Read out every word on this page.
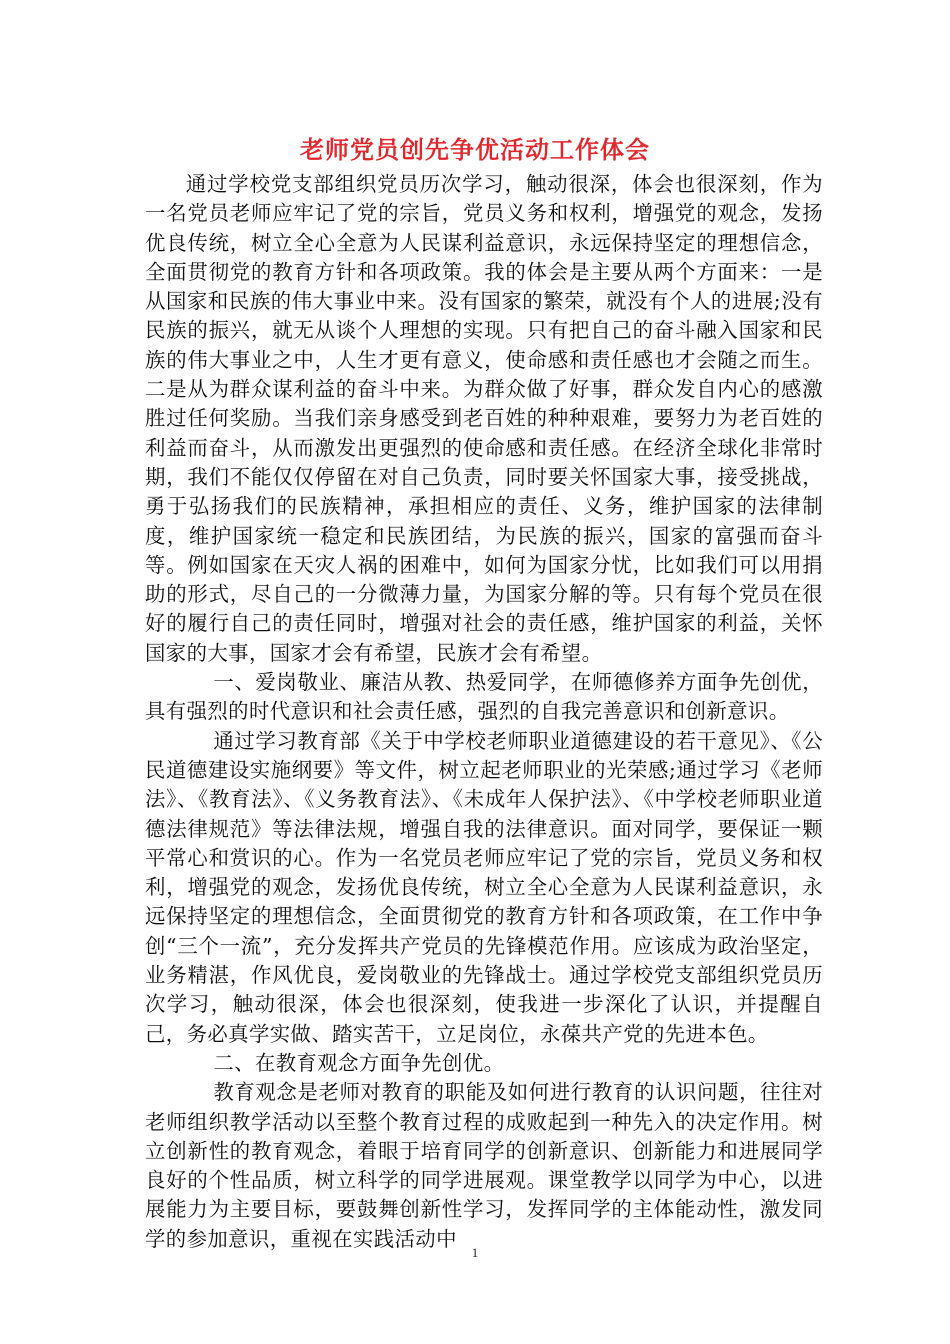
老师党员创先争优活动工作体会

通过学校党支部组织党员历次学习，触动很深，体会也很深刻，作为一名党员老师应牢记了党的宗旨，党员义务和权利，增强党的观念，发扬优良传统，树立全心全意为人民谋利益意识，永远保持坚定的理想信念，全面贯彻党的教育方针和各项政策。我的体会是主要从两个方面来：一是从国家和民族的伟大事业中来。没有国家的繁荣，就没有个人的进展;没有民族的振兴，就无从谈个人理想的实现。只有把自己的奋斗融入国家和民族的伟大事业之中，人生才更有意义，使命感和责任感也才会随之而生。二是从为群众谋利益的奋斗中来。为群众做了好事，群众发自内心的感激胜过任何奖励。当我们亲身感受到老百姓的种种艰难，要努力为老百姓的利益而奋斗，从而激发出更强烈的使命感和责任感。在经济全球化非常时期，我们不能仅仅停留在对自己负责，同时要关怀国家大事，接受挑战，勇于弘扬我们的民族精神，承担相应的责任、义务，维护国家的法律制度，维护国家统一稳定和民族团结，为民族的振兴，国家的富强而奋斗等。例如国家在天灾人祸的困难中，如何为国家分忧，比如我们可以用捐助的形式，尽自己的一分微薄力量，为国家分解的等。只有每个党员在很好的履行自己的责任同时，增强对社会的责任感，维护国家的利益，关怀国家的大事，国家才会有希望，民族才会有希望。

一、爱岗敬业、廉洁从教、热爱同学，在师德修养方面争先创优，具有强烈的时代意识和社会责任感，强烈的自我完善意识和创新意识。

通过学习教育部《关于中学校老师职业道德建设的若干意见》、《公民道德建设实施纲要》等文件，树立起老师职业的光荣感;通过学习《老师法》、《教育法》、《义务教育法》、《未成年人保护法》、《中学校老师职业道德法律规范》等法律法规，增强自我的法律意识。面对同学，要保证一颗平常心和赏识的心。作为一名党员老师应牢记了党的宗旨，党员义务和权利，增强党的观念，发扬优良传统，树立全心全意为人民谋利益意识，永远保持坚定的理想信念，全面贯彻党的教育方针和各项政策，在工作中争创“三个一流”，充分发挥共产党员的先锋模范作用。应该成为政治坚定，业务精湛，作风优良，爱岗敬业的先锋战士。通过学校党支部组织党员历次学习，触动很深，体会也很深刻，使我进一步深化了认识，并提醒自己，务必真学实做、踏实苦干，立足岗位，永葆共产党的先进本色。

二、在教育观念方面争先创优。

教育观念是老师对教育的职能及如何进行教育的认识问题，往往对老师组织教学活动以至整个教育过程的成败起到一种先入的决定作用。树立创新性的教育观念，着眼于培育同学的创新意识、创新能力和进展同学良好的个性品质，树立科学的同学进展观。课堂教学以同学为中心，以进展能力为主要目标，要鼓舞创新性学习，发挥同学的主体能动性，激发同学的参加意识，重视在实践活动中

1
